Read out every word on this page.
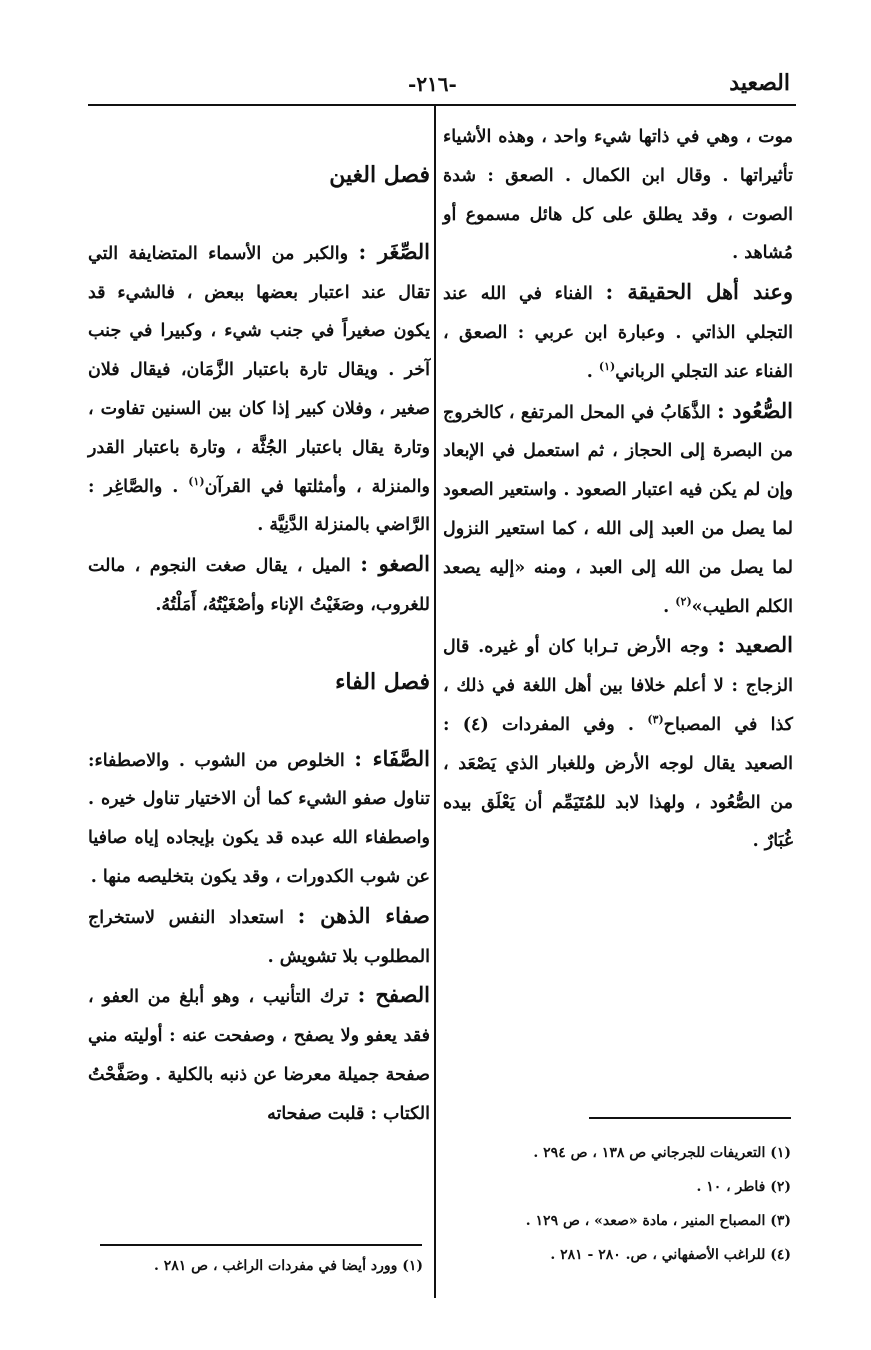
الصعيد
-٢١٦-

موت ، وهي في ذاتها شيء واحد ، وهذه الأشياء تأثيراتها . وقال ابن الكمال . الصعق : شدة الصوت ، وقد يطلق على كل هائل مسموع أو مُشاهد .

وعند أهل الحقيقة : الفناء في الله عند التجلي الذاتي . وعبارة ابن عربي : الصعق ، الفناء عند التجلي الرباني$^{(١)}$ .

الصُّعُود : الذَّهَابُ في المحل المرتفع ، كالخروج من البصرة إلى الحجاز ، ثم استعمل في الإبعاد وإن لم يكن فيه اعتبار الصعود . واستعير الصعود لما يصل من العبد إلى الله ، كما استعير النزول لما يصل من الله إلى العبد ، ومنه «إليه يصعد الكلم الطيب»$^{(٢)}$ .

الصعيد : وجه الأرض تـرابا كان أو غيره. قال الزجاج : لا أعلم خلافا بين أهل اللغة في ذلك ، كذا في المصباح$^{(٣)}$ . وفي المفردات (٤) : الصعيد يقال لوجه الأرض وللغبار الذي يَصْعَد ، من الصُّعُود ، ولهذا لابد للمُتَيَمِّم أن يَعْلَق بيده غُبَارٌ .

(١) التعريفات للجرجاني ص ١٣٨ ، ص ٢٩٤ .
(٢) فاطر ، ١٠ .
(٣) المصباح المنير ، مادة «صعد» ، ص ١٢٩ .
(٤) للراغب الأصفهاني ، ص. ٢٨٠ - ٢٨١ .

فصل الغين

الصِّغَر : والكبر من الأسماء المتضايفة التي تقال عند اعتبار بعضها ببعض ، فالشيء قد يكون صغيراً في جنب شيء ، وكبيرا في جنب آخر . ويقال تارة باعتبار الزَّمَان، فيقال فلان صغير ، وفلان كبير إذا كان بين السنين تفاوت ، وتارة يقال باعتبار الجُثَّة ، وتارة باعتبار القدر والمنزلة ، وأمثلتها في القرآن$^{(١)}$ . والصَّاغِر : الرَّاضي بالمنزلة الدَّنِيَّة .

الصغو : الميل ، يقال صغت النجوم ، مالت للغروب، وصَغَيْتُ الإناء وأصْغَيْتُهُ، أَمَلْتُهُ.

فصل الفاء

الصَّفَاء : الخلوص من الشوب . والاصطفاء: تناول صفو الشيء كما أن الاختيار تناول خيره . واصطفاء الله عبده قد يكون بإيجاده إياه صافيا عن شوب الكدورات ، وقد يكون بتخليصه منها .

صفاء الذهن : استعداد النفس لاستخراج المطلوب بلا تشويش .

الصفح : ترك التأنيب ، وهو أبلغ من العفو ، فقد يعفو ولا يصفح ، وصفحت عنه : أوليته مني صفحة جميلة معرضا عن ذنبه بالكلية . وصَفَّحْتُ الكتاب : قلبت صفحاته

(١) وورد أيضا في مفردات الراغب ، ص ٢٨١ .
